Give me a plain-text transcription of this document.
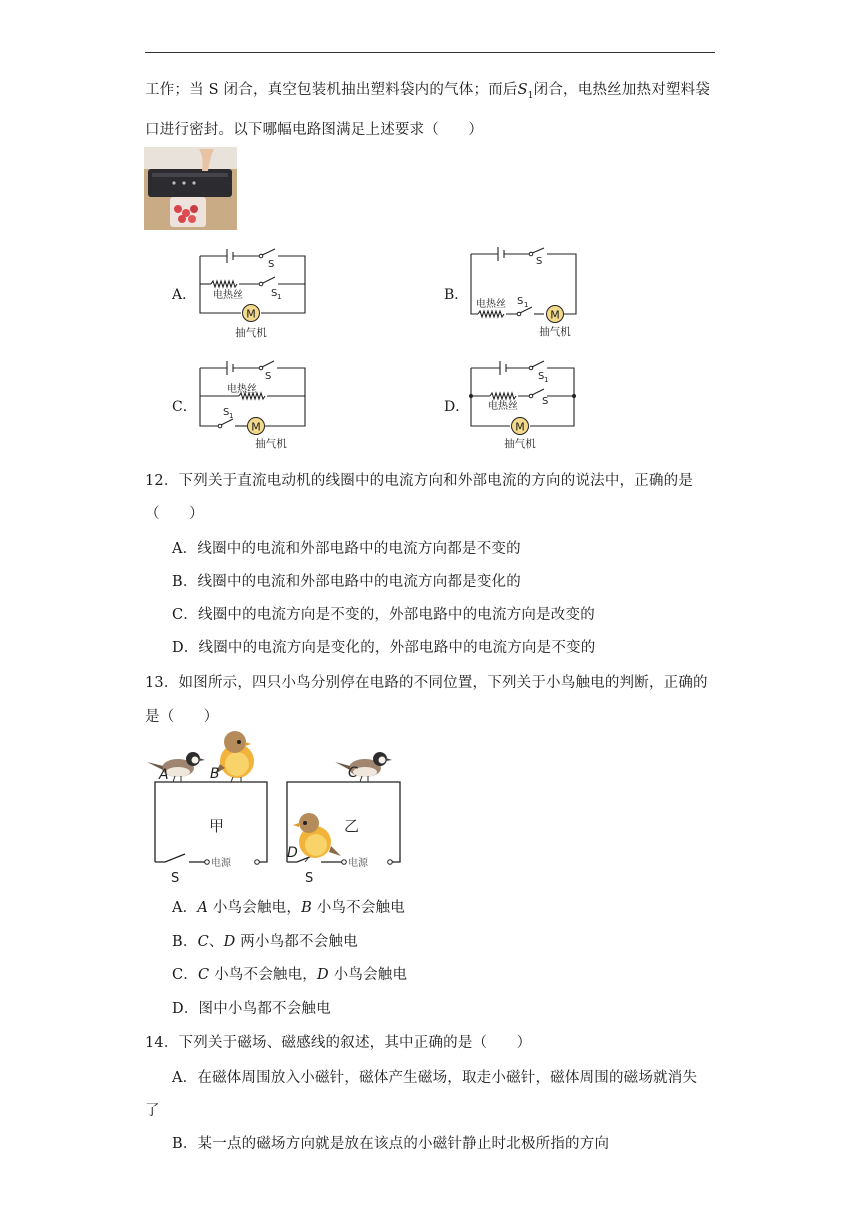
工作；当 S 闭合，真空包装机抽出塑料袋内的气体；而后$S_1$闭合，电热丝加热对塑料袋
口进行密封。以下哪幅电路图满足上述要求（　　）
A．	B．
C．	D．
M
S
S 1
电热丝
抽气机
M
S
S 1
电热丝
抽气机
M
S
S 1
电热丝
抽气机
M
S 1
S
电热丝
抽气机
12．下列关于直流电动机的线圈中的电流方向和外部电流的方向的说法中，正确的是
（　　）
A．线圈中的电流和外部电路中的电流方向都是不变的
B．线圈中的电流和外部电路中的电流方向都是变化的
C．线圈中的电流方向是不变的，外部电路中的电流方向是改变的
D．线圈中的电流方向是变化的，外部电路中的电流方向是不变的
13．如图所示，四只小鸟分别停在电路的不同位置，下列关于小鸟触电的判断，正确的
是（　　）
甲
电源
S
乙
电源
S
A	B	C
D
A．A 小鸟会触电，B 小鸟不会触电
B．C、D 两小鸟都不会触电
C．C 小鸟不会触电，D 小鸟会触电
D．图中小鸟都不会触电
14．下列关于磁场、磁感线的叙述，其中正确的是（　　）
A．在磁体周围放入小磁针，磁体产生磁场，取走小磁针，磁体周围的磁场就消失
了
B．某一点的磁场方向就是放在该点的小磁针静止时北极所指的方向
